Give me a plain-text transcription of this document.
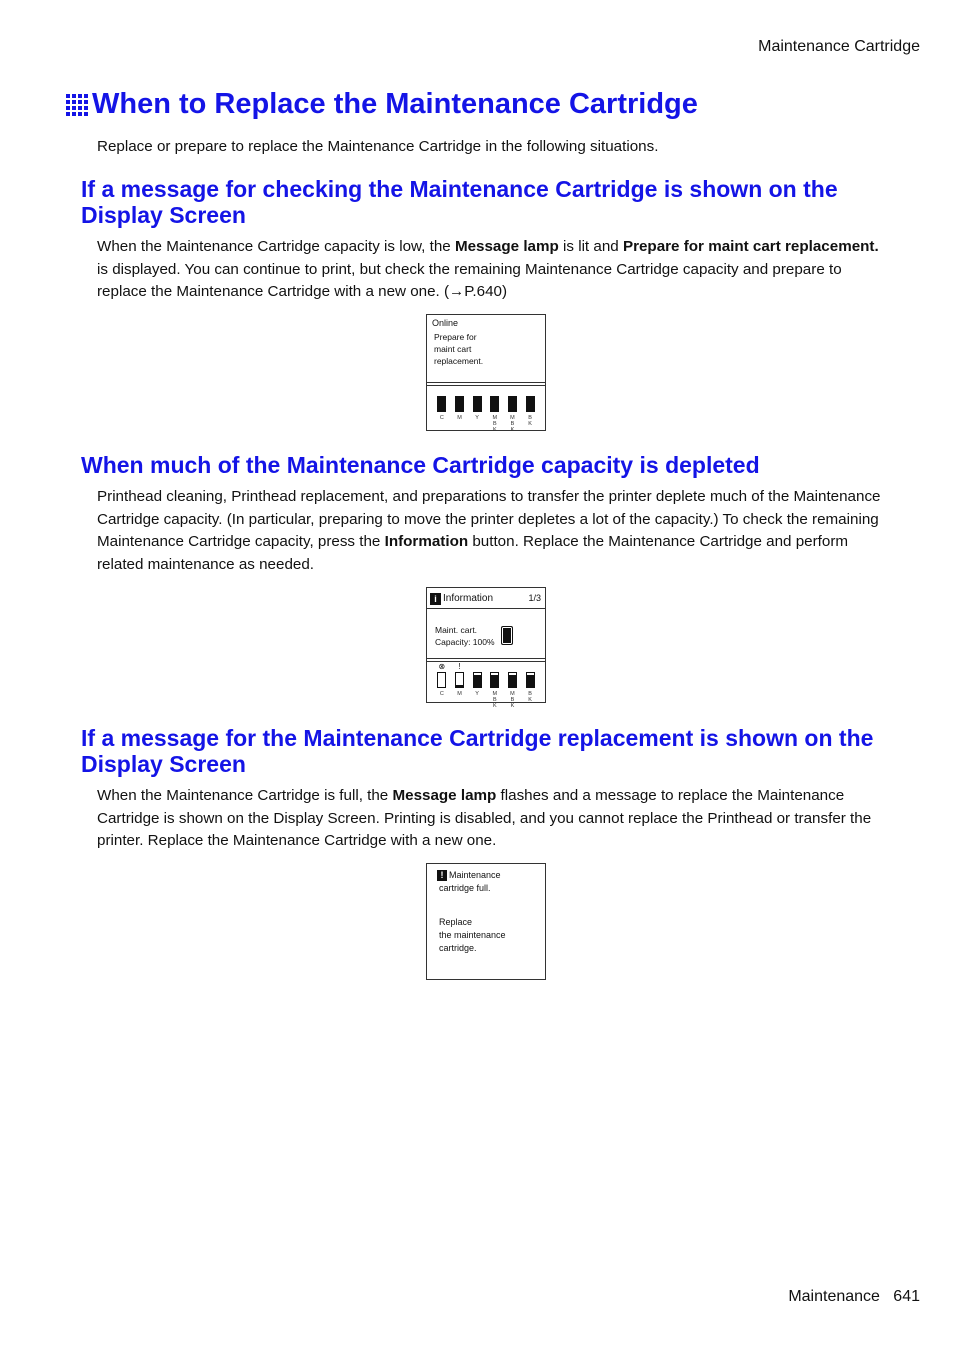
Maintenance Cartridge
When to Replace the Maintenance Cartridge
Replace or prepare to replace the Maintenance Cartridge in the following situations.
If a message for checking the Maintenance Cartridge is shown on the Display Screen
When the Maintenance Cartridge capacity is low, the Message lamp is lit and Prepare for maint cart replacement. is displayed. You can continue to print, but check the remaining Maintenance Cartridge capacity and prepare to replace the Maintenance Cartridge with a new one. (→P.640)
Online
Prepare for
maint cart
replacement.
C M Y M
B
K
M
B
K
B
K
When much of the Maintenance Cartridge capacity is depleted
Printhead cleaning, Printhead replacement, and preparations to transfer the printer deplete much of the Maintenance Cartridge capacity. (In particular, preparing to move the printer depletes a lot of the capacity.) To check the remaining Maintenance Cartridge capacity, press the Information button. Replace the Maintenance Cartridge and perform related maintenance as needed.
i Information	1/3
Maint. cart.
Capacity: 100%
⊗
C
!
M Y M
B
K
M
B
K
B
K
If a message for the Maintenance Cartridge replacement is shown on the Display Screen
When the Maintenance Cartridge is full, the Message lamp flashes and a message to replace the Maintenance Cartridge is shown on the Display Screen. Printing is disabled, and you cannot replace the Printhead or transfer the printer. Replace the Maintenance Cartridge with a new one.
! Maintenance
cartridge full.
Replace
the maintenance
cartridge.
Maintenance 641
